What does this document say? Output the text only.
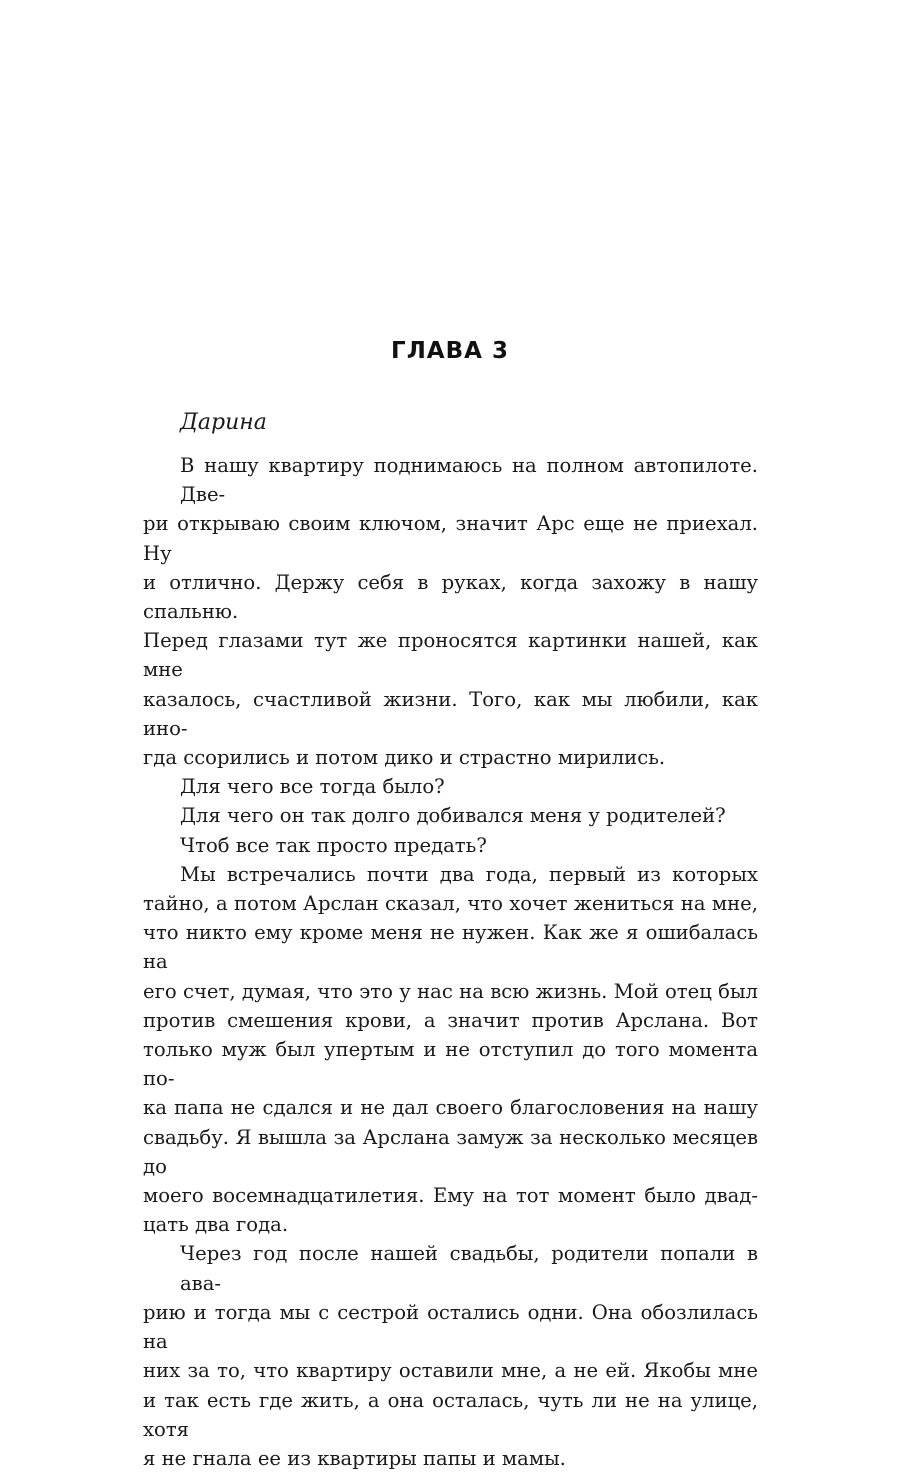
ГЛАВА 3

Дарина

В нашу квартиру поднимаюсь на полном автопилоте. Две-
ри открываю своим ключом, значит Арс еще не приехал. Ну
и отлично. Держу себя в руках, когда захожу в нашу спальню.
Перед глазами тут же проносятся картинки нашей, как мне
казалось, счастливой жизни. Того, как мы любили, как ино-
гда ссорились и потом дико и страстно мирились.
Для чего все тогда было?
Для чего он так долго добивался меня у родителей?
Чтоб все так просто предать?
Мы встречались почти два года, первый из которых
тайно, а потом Арслан сказал, что хочет жениться на мне,
что никто ему кроме меня не нужен. Как же я ошибалась на
его счет, думая, что это у нас на всю жизнь. Мой отец был
против смешения крови, а значит против Арслана. Вот
только муж был упертым и не отступил до того момента по-
ка папа не сдался и не дал своего благословения на нашу
свадьбу. Я вышла за Арслана замуж за несколько месяцев до
моего восемнадцатилетия. Ему на тот момент было двад-
цать два года.
Через год после нашей свадьбы, родители попали в ава-
рию и тогда мы с сестрой остались одни. Она обозлилась на
них за то, что квартиру оставили мне, а не ей. Якобы мне
и так есть где жить, а она осталась, чуть ли не на улице, хотя
я не гнала ее из квартиры папы и мамы.
